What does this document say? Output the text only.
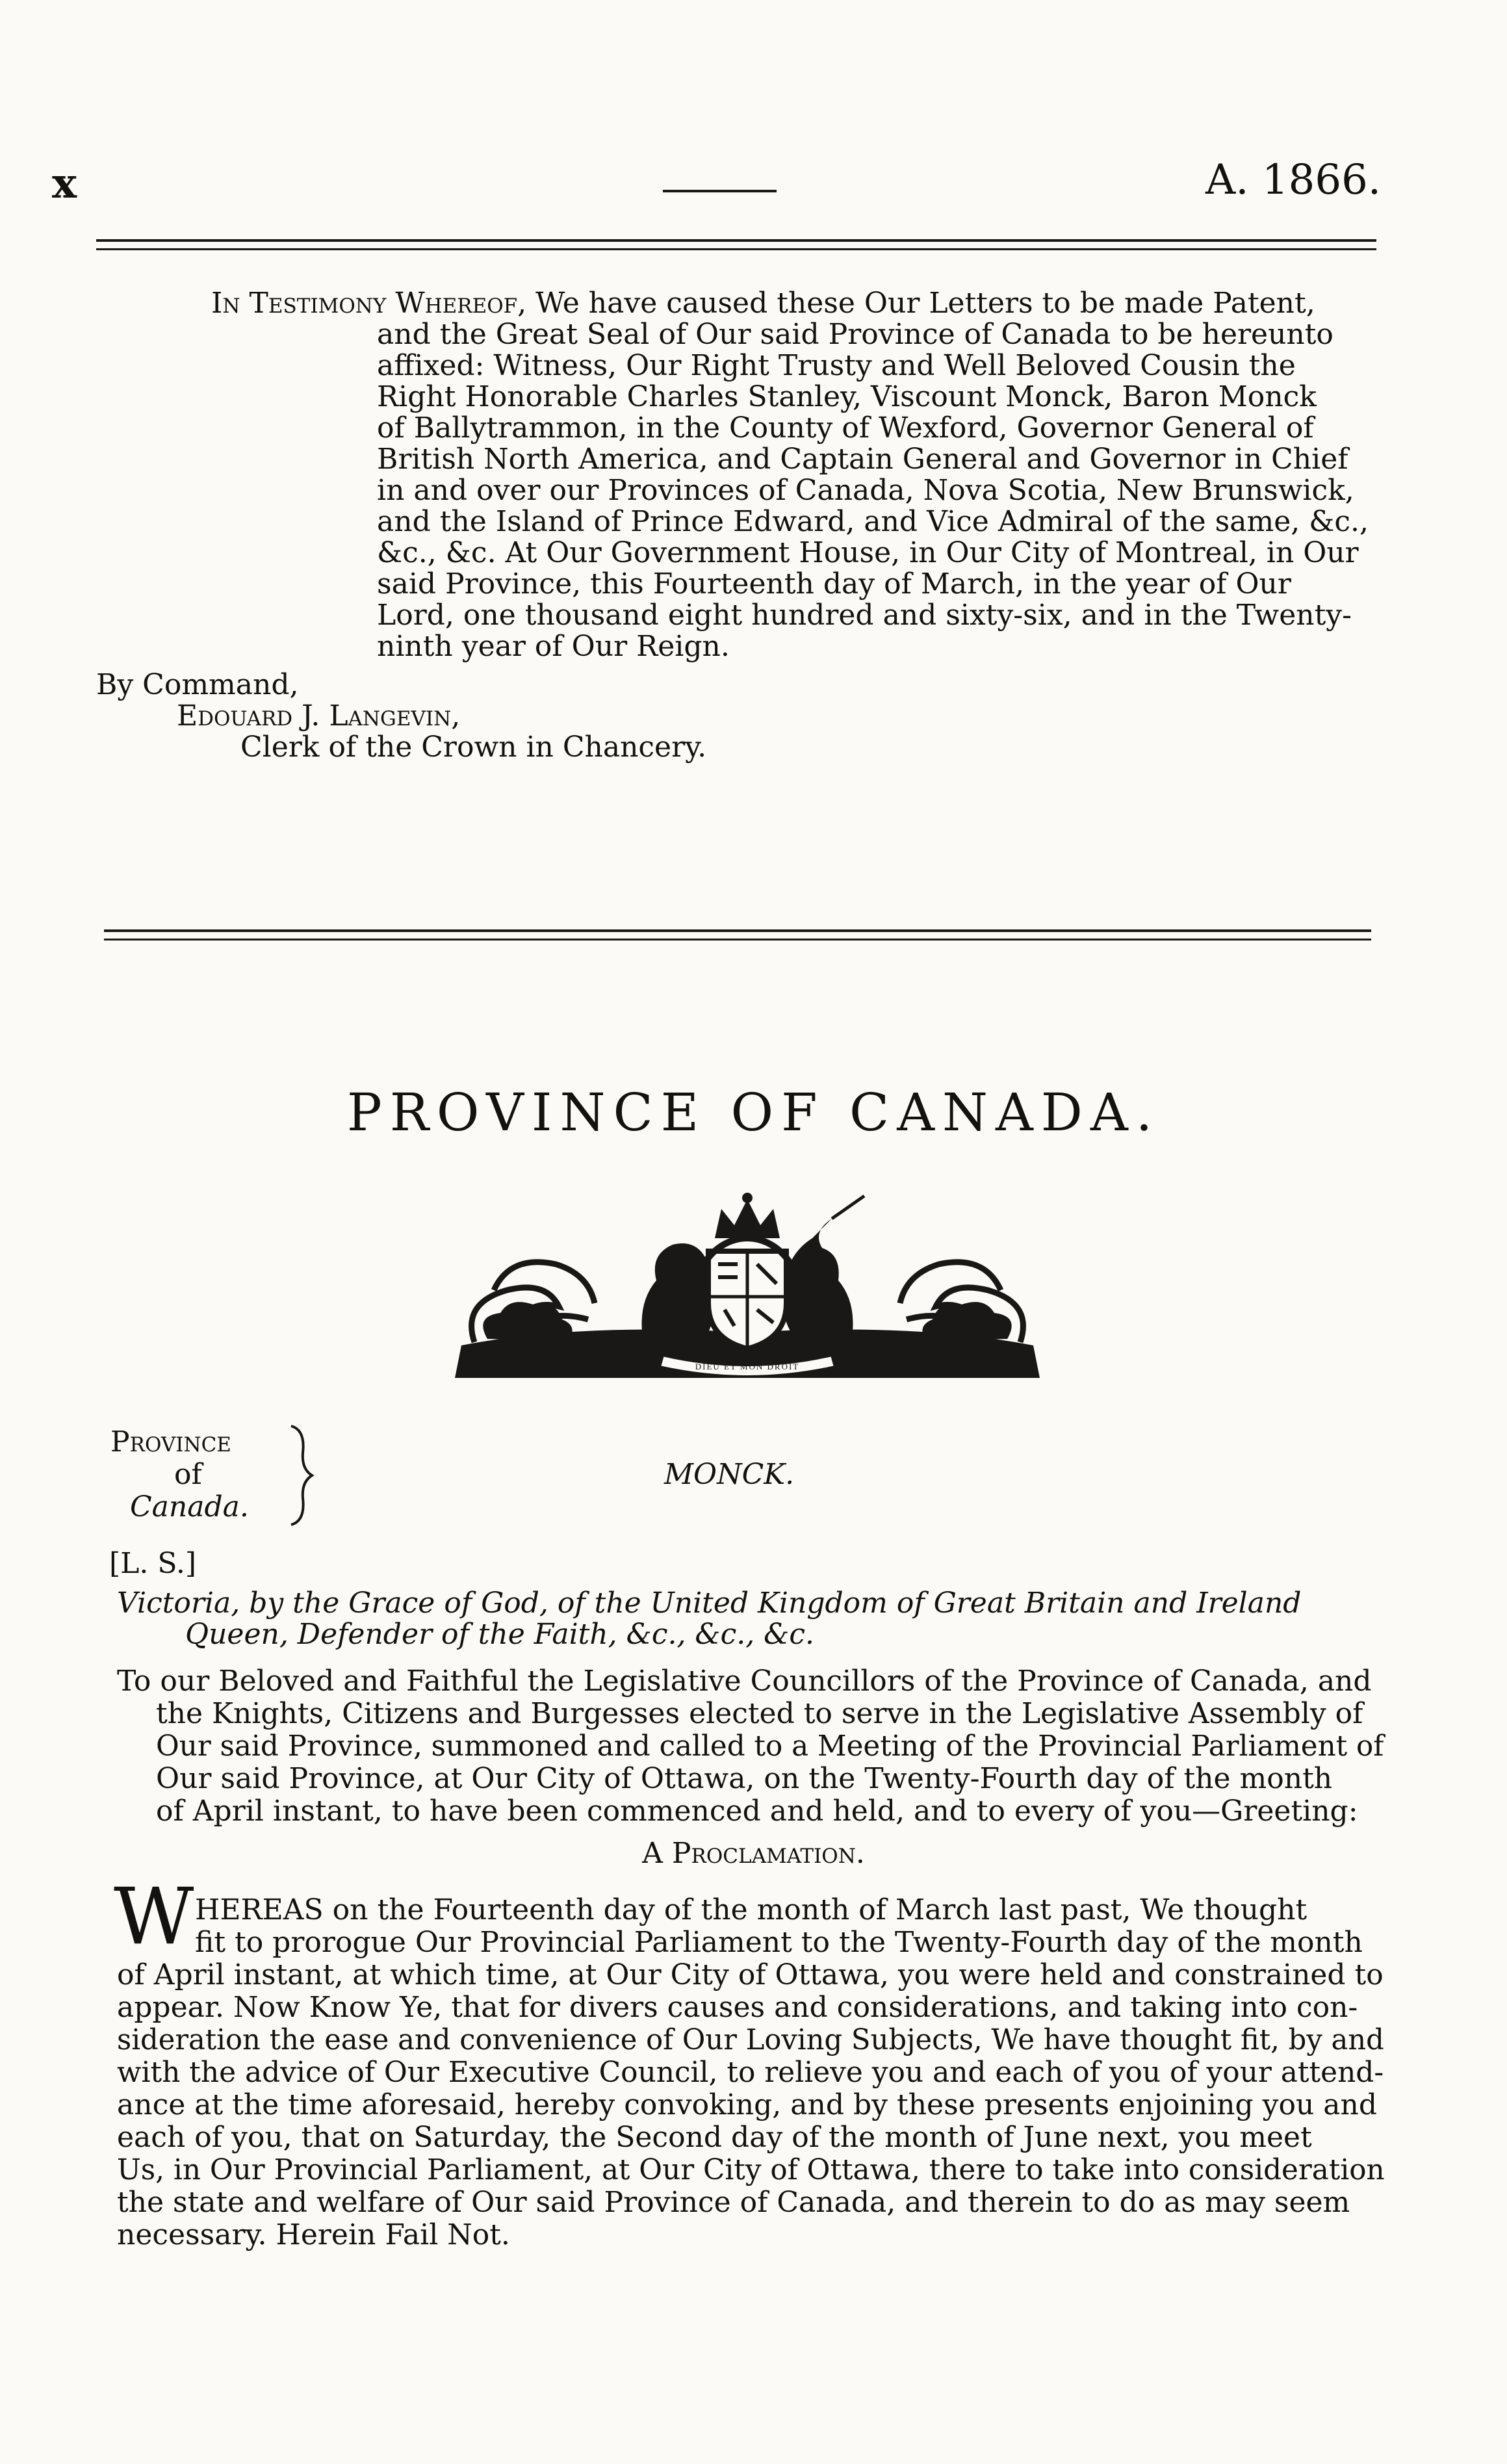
x	A. 1866.
In Testimony Whereof, We have caused these Our Letters to be made Patent,
and the Great Seal of Our said Province of Canada to be hereunto
affixed: Witness, Our Right Trusty and Well Beloved Cousin the
Right Honorable Charles Stanley, Viscount Monck, Baron Monck
of Ballytrammon, in the County of Wexford, Governor General of
British North America, and Captain General and Governor in Chief
in and over our Provinces of Canada, Nova Scotia, New Brunswick,
and the Island of Prince Edward, and Vice Admiral of the same, &c.,
&c., &c. At Our Government House, in Our City of Montreal, in Our
said Province, this Fourteenth day of March, in the year of Our
Lord, one thousand eight hundred and sixty-six, and in the Twenty-
ninth year of Our Reign.
By Command,
Edouard J. Langevin,
Clerk of the Crown in Chancery.
PROVINCE OF CANADA.
DIEU ET MON DROIT
Province
of
Canada.
MONCK.
[L. S.]
Victoria, by the Grace of God, of the United Kingdom of Great Britain and Ireland
Queen, Defender of the Faith, &c., &c., &c.
To our Beloved and Faithful the Legislative Councillors of the Province of Canada, and
the Knights, Citizens and Burgesses elected to serve in the Legislative Assembly of
Our said Province, summoned and called to a Meeting of the Provincial Parliament of
Our said Province, at Our City of Ottawa, on the Twenty-Fourth day of the month
of April instant, to have been commenced and held, and to every of you—Greeting:
A Proclamation.
W HEREAS on the Fourteenth day of the month of March last past, We thought
fit to prorogue Our Provincial Parliament to the Twenty-Fourth day of the month
of April instant, at which time, at Our City of Ottawa, you were held and constrained to
appear. Now Know Ye, that for divers causes and considerations, and taking into con-
sideration the ease and convenience of Our Loving Subjects, We have thought fit, by and
with the advice of Our Executive Council, to relieve you and each of you of your attend-
ance at the time aforesaid, hereby convoking, and by these presents enjoining you and
each of you, that on Saturday, the Second day of the month of June next, you meet
Us, in Our Provincial Parliament, at Our City of Ottawa, there to take into consideration
the state and welfare of Our said Province of Canada, and therein to do as may seem
necessary. Herein Fail Not.
